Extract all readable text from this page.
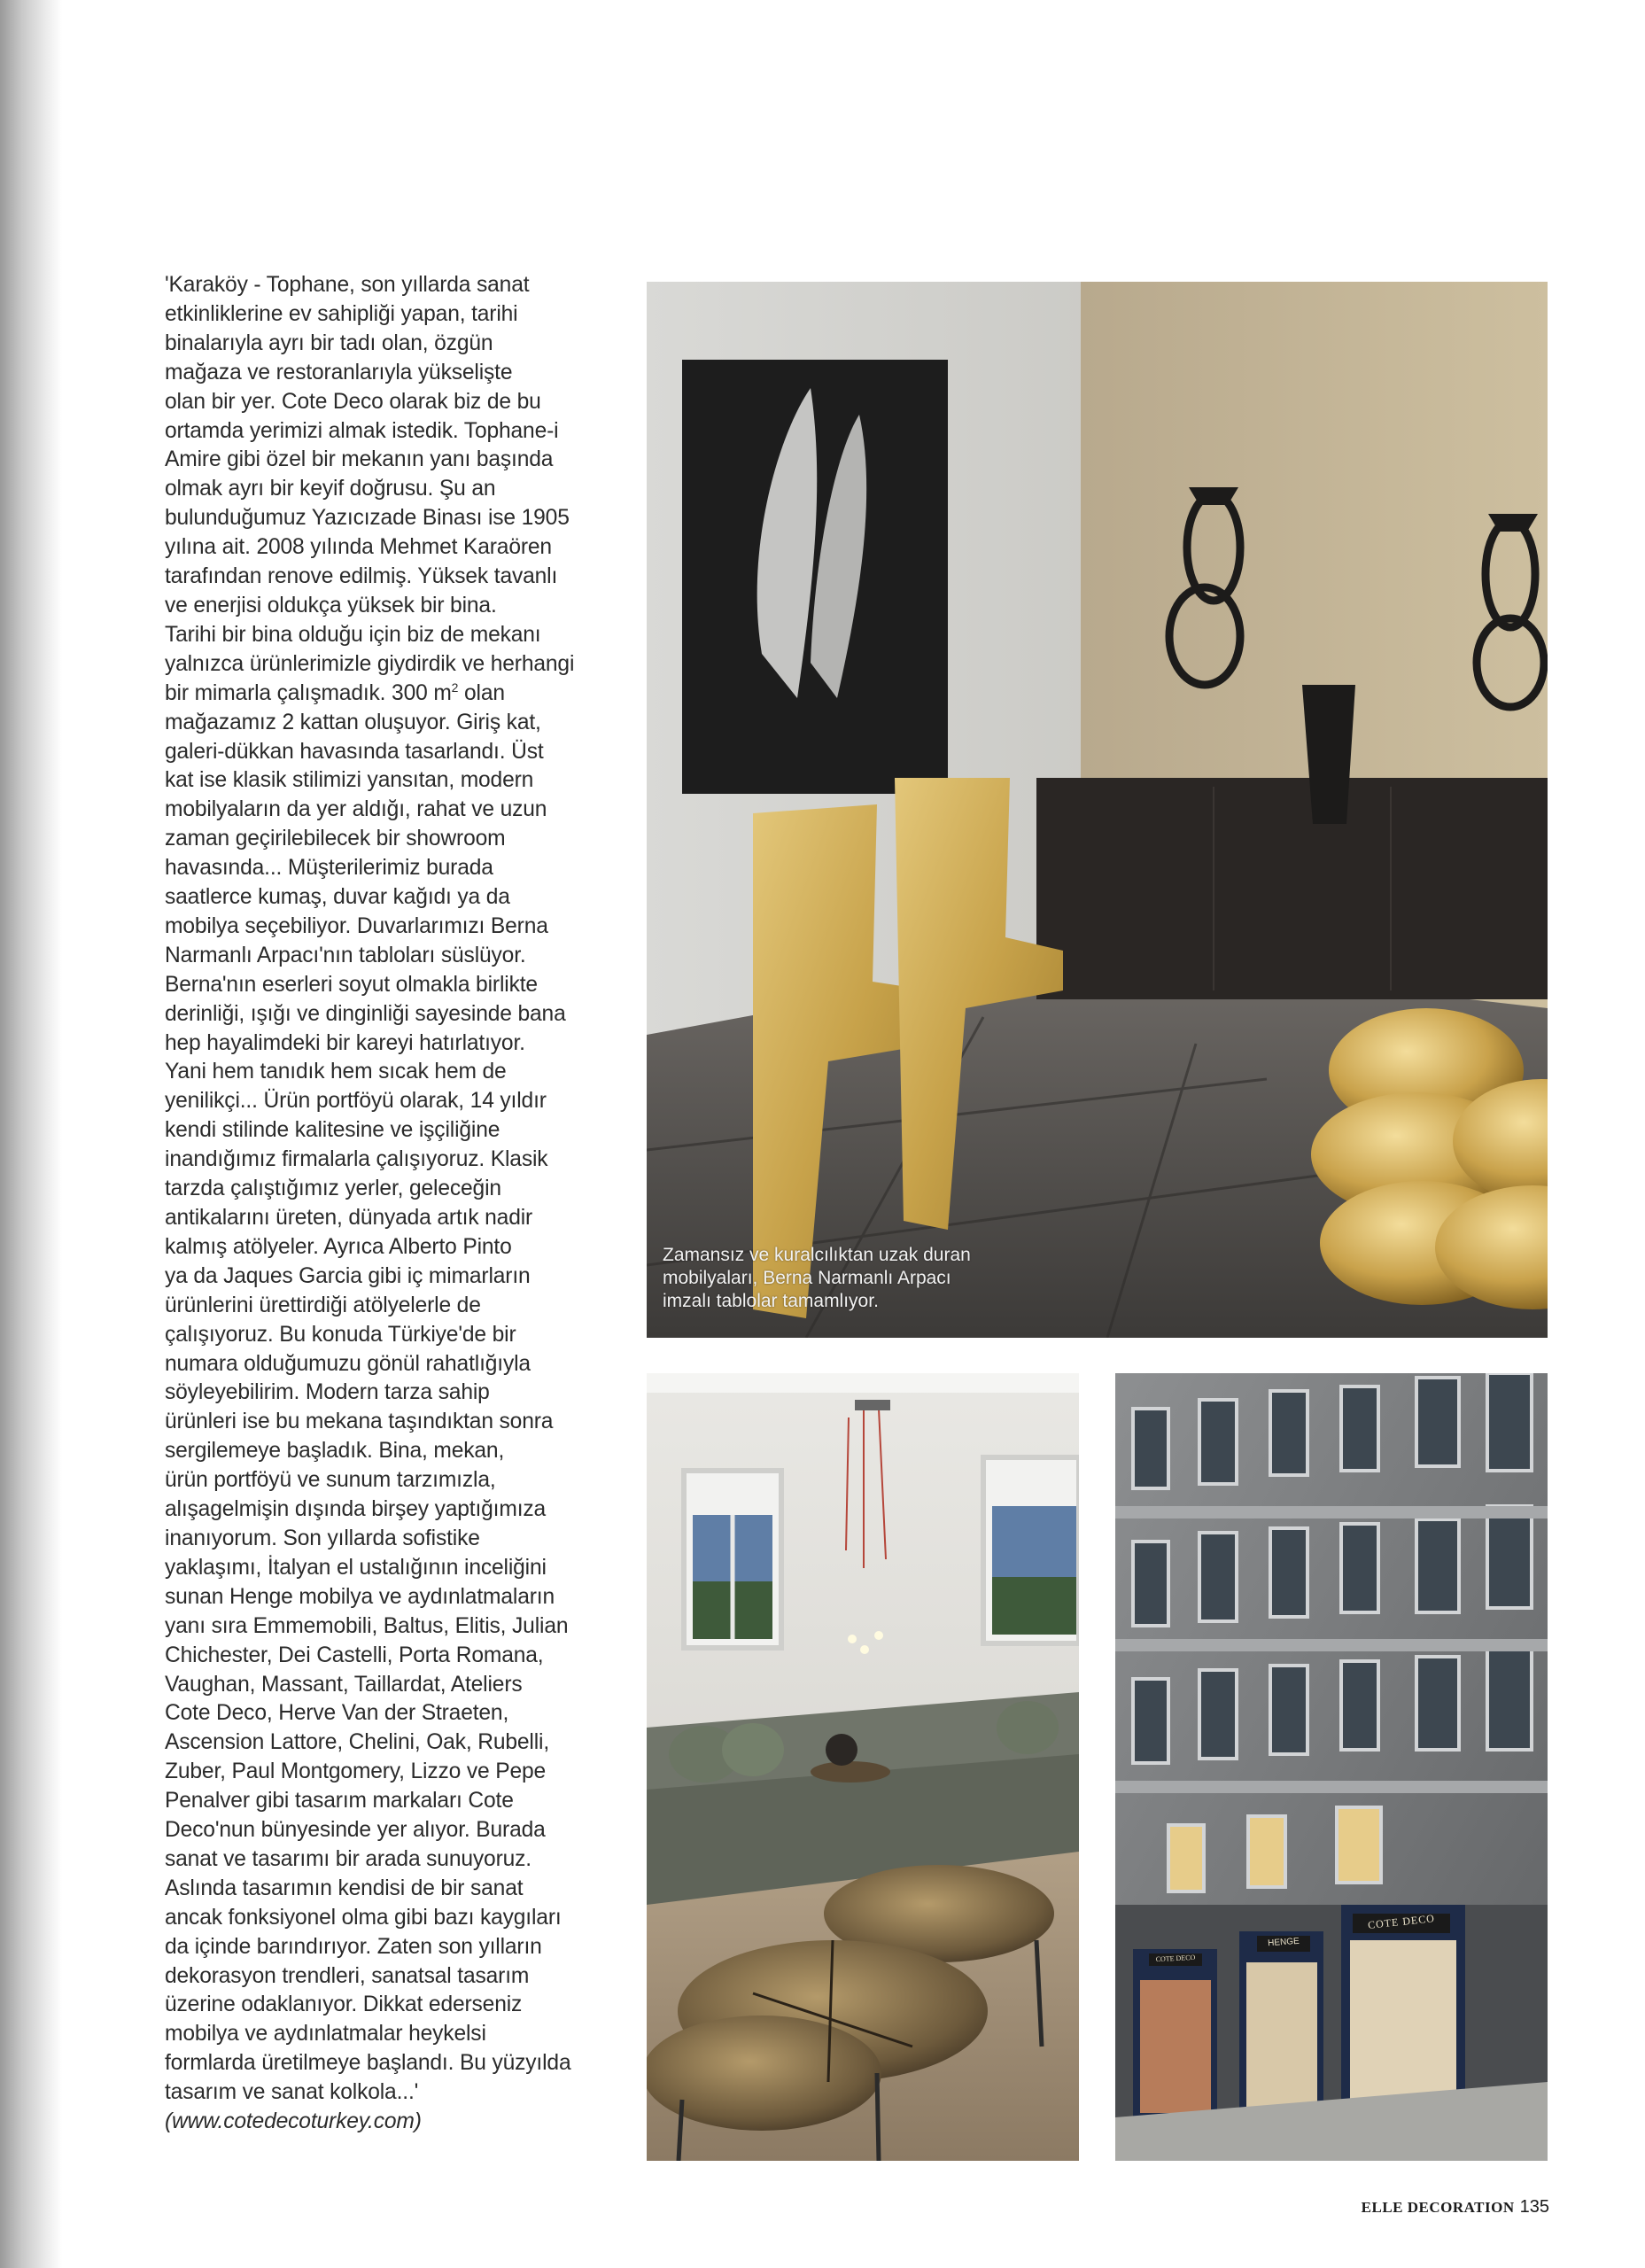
'Karaköy - Tophane, son yıllarda sanat

etkinliklerine ev sahipliği yapan, tarihi

binalarıyla ayrı bir tadı olan, özgün

mağaza ve restoranlarıyla yükselişte

olan bir yer. Cote Deco olarak biz de bu

ortamda yerimizi almak istedik. Tophane-i

Amire gibi özel bir mekanın yanı başında

olmak ayrı bir keyif doğrusu. Şu an

bulunduğumuz Yazıcızade Binası ise 1905

yılına ait. 2008 yılında Mehmet Karaören

tarafından renove edilmiş. Yüksek tavanlı

ve enerjisi oldukça yüksek bir bina.

Tarihi bir bina olduğu için biz de mekanı

yalnızca ürünlerimizle giydirdik ve herhangi

bir mimarla çalışmadık. 300 $m^2$ olan

mağazamız 2 kattan oluşuyor. Giriş kat,

galeri-dükkan havasında tasarlandı. Üst

kat ise klasik stilimizi yansıtan, modern

mobilyaların da yer aldığı, rahat ve uzun

zaman geçirilebilecek bir showroom

havasında... Müşterilerimiz burada

saatlerce kumaş, duvar kağıdı ya da

mobilya seçebiliyor. Duvarlarımızı Berna

Narmanlı Arpacı'nın tabloları süslüyor.

Berna'nın eserleri soyut olmakla birlikte

derinliği, ışığı ve dinginliği sayesinde bana

hep hayalimdeki bir kareyi hatırlatıyor.

Yani hem tanıdık hem sıcak hem de

yenilikçi... Ürün portföyü olarak, 14 yıldır

kendi stilinde kalitesine ve işçiliğine

inandığımız firmalarla çalışıyoruz. Klasik

tarzda çalıştığımız yerler, geleceğin

antikalarını üreten, dünyada artık nadir

kalmış atölyeler. Ayrıca Alberto Pinto

ya da Jaques Garcia gibi iç mimarların

ürünlerini ürettirdiği atölyelerle de

çalışıyoruz. Bu konuda Türkiye'de bir

numara olduğumuzu gönül rahatlığıyla

söyleyebilirim. Modern tarza sahip

ürünleri ise bu mekana taşındıktan sonra

sergilemeye başladık. Bina, mekan,

ürün portföyü ve sunum tarzımızla,

alışagelmişin dışında birşey yaptığımıza

inanıyorum. Son yıllarda sofistike

yaklaşımı, İtalyan el ustalığının inceliğini

sunan Henge mobilya ve aydınlatmaların

yanı sıra Emmemobili, Baltus, Elitis, Julian

Chichester, Dei Castelli, Porta Romana,

Vaughan, Massant, Taillardat, Ateliers

Cote Deco, Herve Van der Straeten,

Ascension Lattore, Chelini, Oak, Rubelli,

Zuber, Paul Montgomery, Lizzo ve Pepe

Penalver gibi tasarım markaları Cote

Deco'nun bünyesinde yer alıyor. Burada

sanat ve tasarımı bir arada sunuyoruz.

Aslında tasarımın kendisi de bir sanat

ancak fonksiyonel olma gibi bazı kaygıları

da içinde barındırıyor. Zaten son yılların

dekorasyon trendleri, sanatsal tasarım

üzerine odaklanıyor. Dikkat ederseniz

mobilya ve aydınlatmalar heykelsi

formlarda üretilmeye başlandı. Bu yüzyılda

tasarım ve sanat kolkola...'

(www.cotedecoturkey.com)

Zamansız ve kuralcılıktan uzak duran
mobilyaları, Berna Narmanlı Arpacı
imzalı tablolar tamamlıyor.
COTE DECO
HENGE
COTE DECO
ELLE DECORATION 135
